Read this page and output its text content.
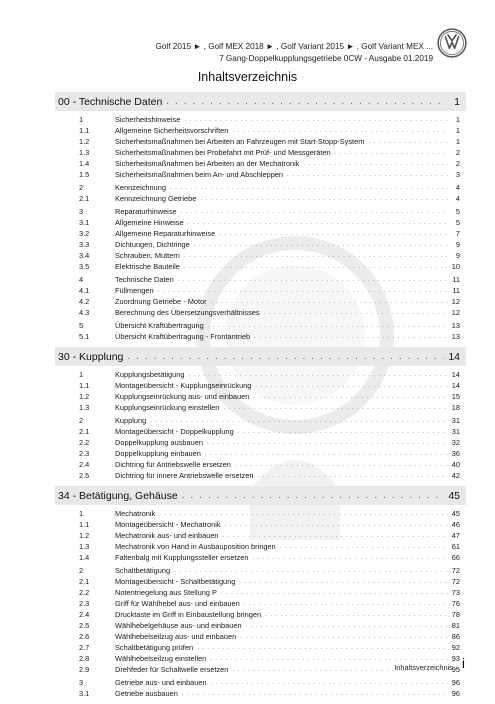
Golf 2015 ► , Golf MEX 2018 ► , Golf Variant 2015 ► , Golf Variant MEX ...
7 Gang-Doppelkupplungsgetriebe 0CW - Ausgabe 01.2019
Inhaltsverzeichnis
00 - Technische Daten . . .	1
1	Sicherheitshinweise . . .	1
1.1	Allgemeine Sicherheitsvorschriften . . .	1
1.2	Sicherheitsmaßnahmen bei Arbeiten an Fahrzeugen mit Start-Stopp-System . . .	1
1.3	Sicherheitsmaßnahmen bei Probefahrt mit Prüf- und Messgeräten . . .	2
1.4	Sicherheitsmaßnahmen bei Arbeiten an der Mechatronik . . .	2
1.5	Sicherheitsmaßnahmen beim An- und Abschleppen . . .	3
2	Kennzeichnung . . .	4
2.1	Kennzeichnung Getriebe . . .	4
3	Reparaturhinweise . . .	5
3.1	Allgemeine Hinweise . . .	5
3.2	Allgemeine Reparaturhinweise . . .	7
3.3	Dichtungen, Dichtringe . . .	9
3.4	Schrauben, Muttern . . .	9
3.5	Elektrische Bauteile . . .	10
4	Technische Daten . . .	11
4.1	Füllmengen . . .	11
4.2	Zuordnung Getriebe - Motor . . .	12
4.3	Berechnung des Übersetzungsverhältnisses . . .	12
5	Übersicht Kraftübertragung . . .	13
5.1	Übersicht Kraftübertragung - Frontantrieb . . .	13
30 - Kupplung . . .	14
1	Kupplungsbetätigung . . .	14
1.1	Montageübersicht - Kupplungseinrückung . . .	14
1.2	Kupplungseinrückung aus- und einbauen . . .	15
1.3	Kupplungseinrückung einstellen . . .	18
2	Kupplung . . .	31
2.1	Montageübersicht - Doppelkupplung . . .	31
2.2	Doppelkupplung ausbauen . . .	32
2.3	Doppelkupplung einbauen . . .	36
2.4	Dichtring für Antriebswelle ersetzen . . .	40
2.5	Dichtring für innere Antriebswelle ersetzen . . .	42
34 - Betätigung, Gehäuse . . .	45
1	Mechatronik . . .	45
1.1	Montageübersicht - Mechatronik . . .	46
1.2	Mechatronik aus- und einbauen . . .	47
1.3	Mechatronik von Hand in Ausbauposition bringen . . .	61
1.4	Faltenbalg mit Kupplungssteller ersetzen . . .	66
2	Schaltbetätigung . . .	72
2.1	Montageübersicht - Schaltbetätigung . . .	72
2.2	Notentriegelung aus Stellung P . . .	73
2.3	Griff für Wählhebel aus- und einbauen . . .	76
2.4	Drucktaste im Griff in Einbaustellung bringen . . .	78
2.5	Wählhebelgehäuse aus- und einbauen . . .	81
2.6	Wählhebelseilzug aus- und einbauen . . .	86
2.7	Schaltbetätigung prüfen . . .	92
2.8	Wählhebelseilzug einstellen . . .	93
2.9	Drehfeder für Schaltwelle ersetzen . . .	95
3	Getriebe aus- und einbauen . . .	96
3.1	Getriebe ausbauen . . .	96
Inhaltsverzeichnis i
